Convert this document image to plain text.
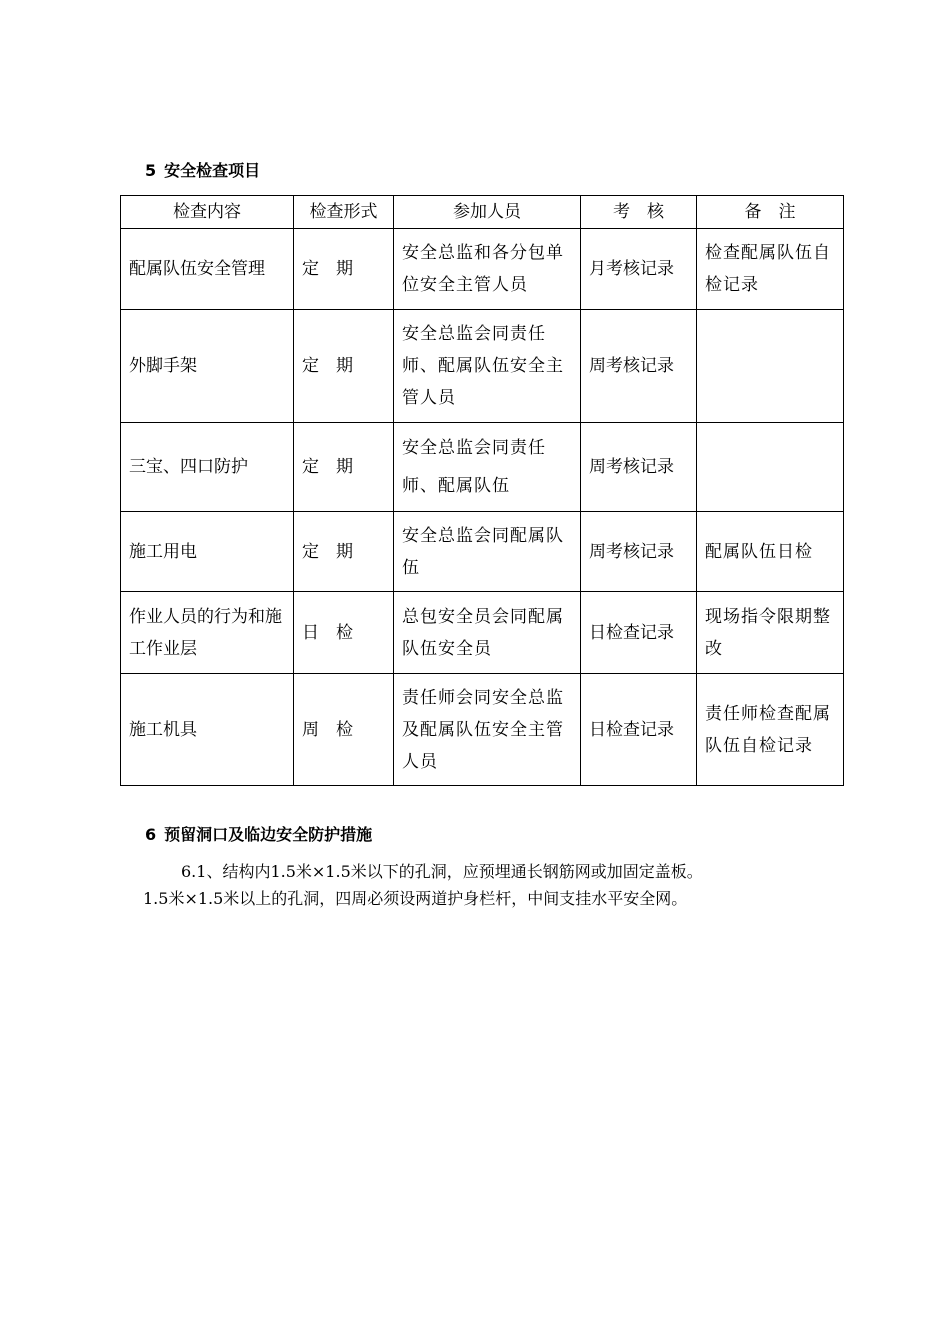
5 安全检查项目
检查内容	检查形式	参加人员	考　核	备　注
配属队伍安全管理	定　期	安全总监和各分包单位安全主管人员	月考核记录	检查配属队伍自检记录
外脚手架	定　期	安全总监会同责任师、配属队伍安全主管人员	周考核记录	
三宝、四口防护	定　期	安全总监会同责任师、配属队伍	周考核记录	
施工用电	定　期	安全总监会同配属队伍	周考核记录	配属队伍日检
作业人员的行为和施工作业层	日　检	总包安全员会同配属队伍安全员	日检查记录	现场指令限期整改
施工机具	周　检	责任师会同安全总监及配属队伍安全主管人员	日检查记录	责任师检查配属队伍自检记录
6 预留洞口及临边安全防护措施
6.1、结构内1.5米×1.5米以下的孔洞，应预埋通长钢筋网或加固定盖板。
1.5米×1.5米以上的孔洞，四周必须设两道护身栏杆，中间支挂水平安全网。
